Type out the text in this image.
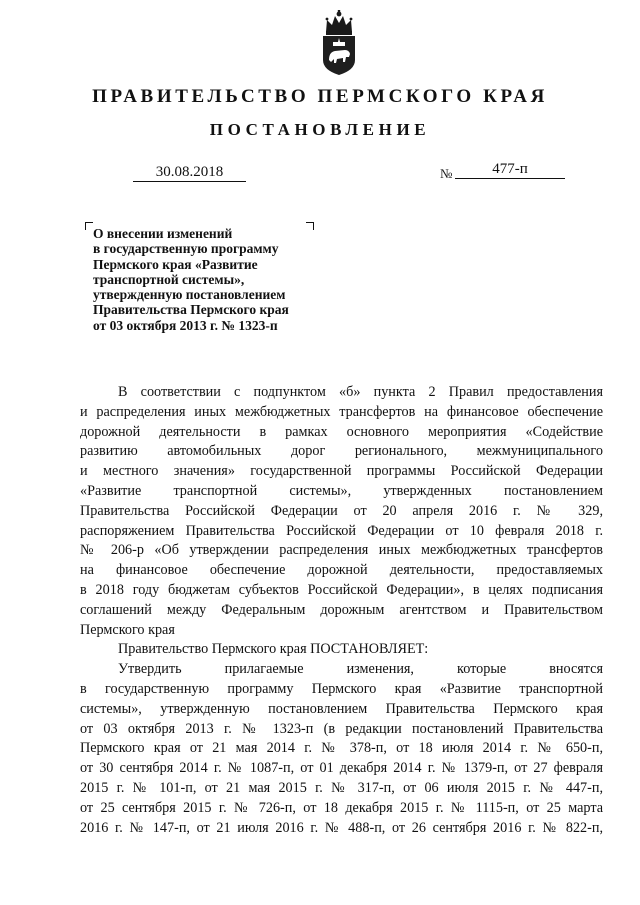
ПРАВИТЕЛЬСТВО ПЕРМСКОГО КРАЯ
ПОСТАНОВЛЕНИЕ
30.08.2018	№	477-п
О внесении изменений
в государственную программу
Пермского края «Развитие
транспортной системы»,
утвержденную постановлением
Правительства Пермского края
от 03 октября 2013 г. № 1323-п
В соответствии с подпунктом «б» пункта 2 Правил предоставления
и распределения иных межбюджетных трансфертов на финансовое обеспечение
дорожной деятельности в рамках основного мероприятия «Содействие
развитию автомобильных дорог регионального, межмуниципального
и местного значения» государственной программы Российской Федерации
«Развитие транспортной системы», утвержденных постановлением
Правительства Российской Федерации от 20 апреля 2016 г. № 329,
распоряжением Правительства Российской Федерации от 10 февраля 2018 г.
№ 206-р «Об утверждении распределения иных межбюджетных трансфертов
на финансовое обеспечение дорожной деятельности, предоставляемых
в 2018 году бюджетам субъектов Российской Федерации», в целях подписания
соглашений между Федеральным дорожным агентством и Правительством
Пермского края

Правительство Пермского края ПОСТАНОВЛЯЕТ:

Утвердить прилагаемые изменения, которые вносятся
в государственную программу Пермского края «Развитие транспортной
системы», утвержденную постановлением Правительства Пермского края
от 03 октября 2013 г. № 1323-п (в редакции постановлений Правительства
Пермского края от 21 мая 2014 г. № 378-п, от 18 июля 2014 г. № 650-п,
от 30 сентября 2014 г. № 1087-п, от 01 декабря 2014 г. № 1379-п, от 27 февраля
2015 г. № 101-п, от 21 мая 2015 г. № 317-п, от 06 июля 2015 г. № 447-п,
от 25 сентября 2015 г. № 726-п, от 18 декабря 2015 г. № 1115-п, от 25 марта
2016 г. № 147-п, от 21 июля 2016 г. № 488-п, от 26 сентября 2016 г. № 822-п,
